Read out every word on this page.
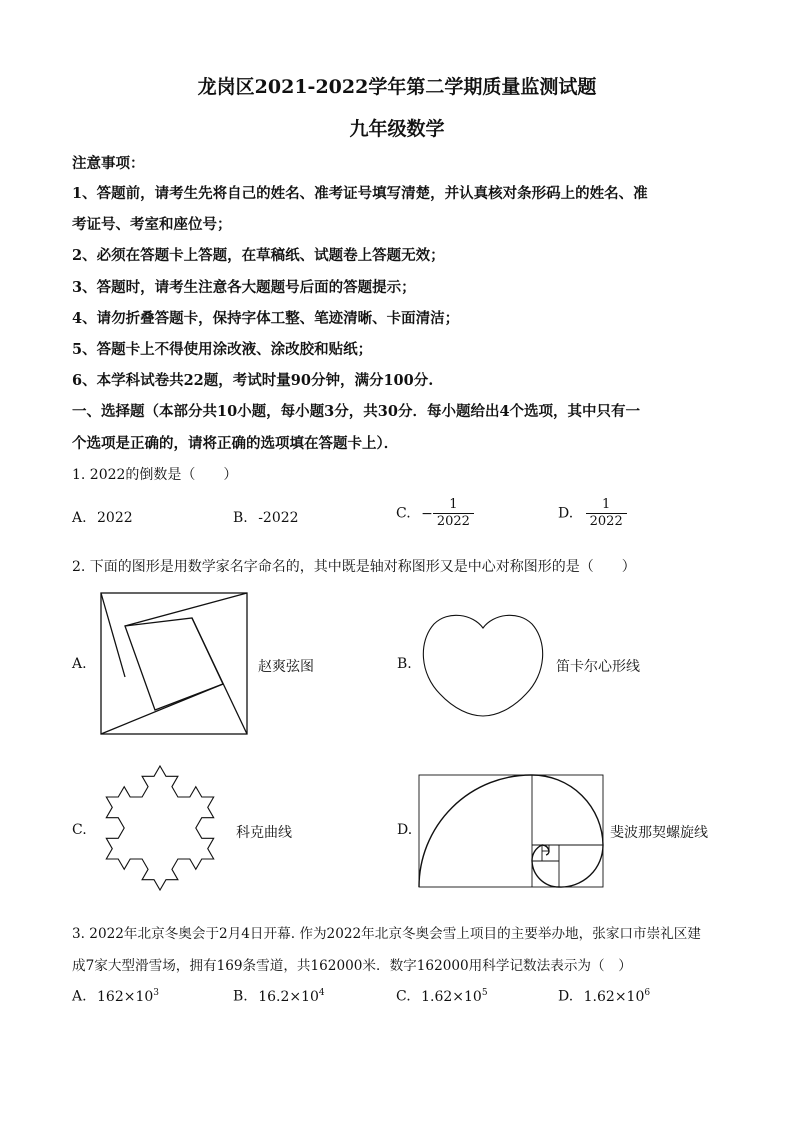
龙岗区2021-2022学年第二学期质量监测试题
九年级数学
注意事项：
1、答题前，请考生先将自己的姓名、准考证号填写清楚，并认真核对条形码上的姓名、准
考证号、考室和座位号；
2、必须在答题卡上答题，在草稿纸、试题卷上答题无效；
3、答题时，请考生注意各大题题号后面的答题提示；
4、请勿折叠答题卡，保持字体工整、笔迹清晰、卡面清洁；
5、答题卡上不得使用涂改液、涂改胶和贴纸；
6、本学科试卷共22题，考试时量90分钟，满分100分.
一、选择题（本部分共10小题，每小题3分，共30分．每小题给出4个选项，其中只有一
个选项是正确的，请将正确的选项填在答题卡上）．
1. 2022的倒数是（　　）
A. 2022	B. -2022	C. − $\frac{1}{2022}$	D. $\frac{1}{2022}$
2. 下面的图形是用数学家名字命名的，其中既是轴对称图形又是中心对称图形的是（　　）
A.	赵爽弦图	B.	笛卡尔心形线
C.	科克曲线	D.	斐波那契螺旋线
3. 2022年北京冬奥会于2月4日开幕. 作为2022年北京冬奥会雪上项目的主要举办地，张家口市崇礼区建
成7家大型滑雪场，拥有169条雪道，共162000米．数字162000用科学记数法表示为（　）
A. $162\times 10^3$	B. $16.2\times 10^4$	C. $1.62\times 10^5$	D. $1.62\times 10^6$
